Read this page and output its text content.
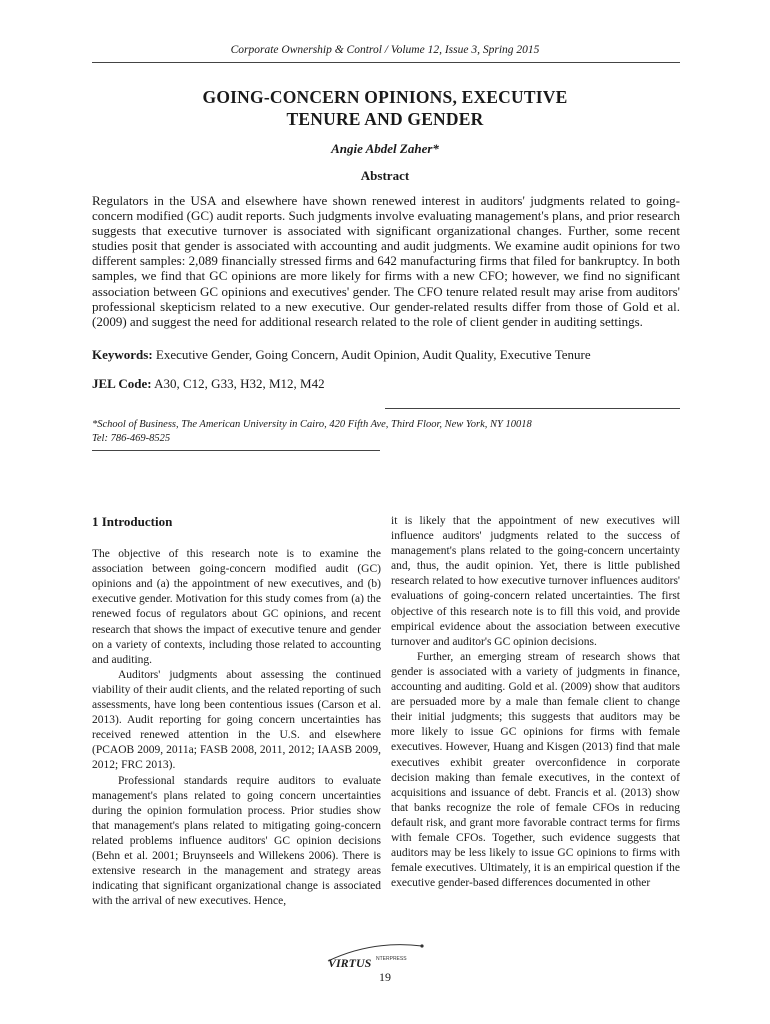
Corporate Ownership & Control / Volume 12, Issue 3, Spring 2015
GOING-CONCERN OPINIONS, EXECUTIVE
TENURE AND GENDER
Angie Abdel Zaher*
Abstract

Regulators in the USA and elsewhere have shown renewed interest in auditors' judgments related to going-concern modified (GC) audit reports. Such judgments involve evaluating management's plans, and prior research suggests that executive turnover is associated with significant organizational changes. Further, some recent studies posit that gender is associated with accounting and audit judgments. We examine audit opinions for two different samples: 2,089 financially stressed firms and 642 manufacturing firms that filed for bankruptcy. In both samples, we find that GC opinions are more likely for firms with a new CFO; however, we find no significant association between GC opinions and executives' gender. The CFO tenure related result may arise from auditors' professional skepticism related to a new executive. Our gender-related results differ from those of Gold et al. (2009) and suggest the need for additional research related to the role of client gender in auditing settings.

Keywords: Executive Gender, Going Concern, Audit Opinion, Audit Quality, Executive Tenure

JEL Code: A30, C12, G33, H32, M12, M42

*School of Business, The American University in Cairo, 420 Fifth Ave, Third Floor, New York, NY 10018
Tel: 786-469-8525

1 Introduction

The objective of this research note is to examine the association between going-concern modified audit (GC) opinions and (a) the appointment of new executives, and (b) executive gender. Motivation for this study comes from (a) the renewed focus of regulators about GC opinions, and recent research that shows the impact of executive tenure and gender on a variety of contexts, including those related to accounting and auditing.

Auditors' judgments about assessing the continued viability of their audit clients, and the related reporting of such assessments, have long been contentious issues (Carson et al. 2013). Audit reporting for going concern uncertainties has received renewed attention in the U.S. and elsewhere (PCAOB 2009, 2011a; FASB 2008, 2011, 2012; IAASB 2009, 2012; FRC 2013).

Professional standards require auditors to evaluate management's plans related to going concern uncertainties during the opinion formulation process. Prior studies show that management's plans related to mitigating going-concern related problems influence auditors' GC opinion decisions (Behn et al. 2001; Bruynseels and Willekens 2006). There is extensive research in the management and strategy areas indicating that significant organizational change is associated with the arrival of new executives. Hence,

it is likely that the appointment of new executives will influence auditors' judgments related to the success of management's plans related to the going-concern uncertainty and, thus, the audit opinion. Yet, there is little published research related to how executive turnover influences auditors' evaluations of going-concern related uncertainties. The first objective of this research note is to fill this void, and provide empirical evidence about the association between executive turnover and auditor's GC opinion decisions.

Further, an emerging stream of research shows that gender is associated with a variety of judgments in finance, accounting and auditing. Gold et al. (2009) show that auditors are persuaded more by a male than female client to change their initial judgments; this suggests that auditors may be more likely to issue GC opinions for firms with female executives. However, Huang and Kisgen (2013) find that male executives exhibit greater overconfidence in corporate decision making than female executives, in the context of acquisitions and issuance of debt. Francis et al. (2013) show that banks recognize the role of female CFOs in reducing default risk, and grant more favorable contract terms for firms with female CFOs. Together, such evidence suggests that auditors may be less likely to issue GC opinions to firms with female executives. Ultimately, it is an empirical question if the executive gender-based differences documented in other

VIRTUS NTERPRESS
19
